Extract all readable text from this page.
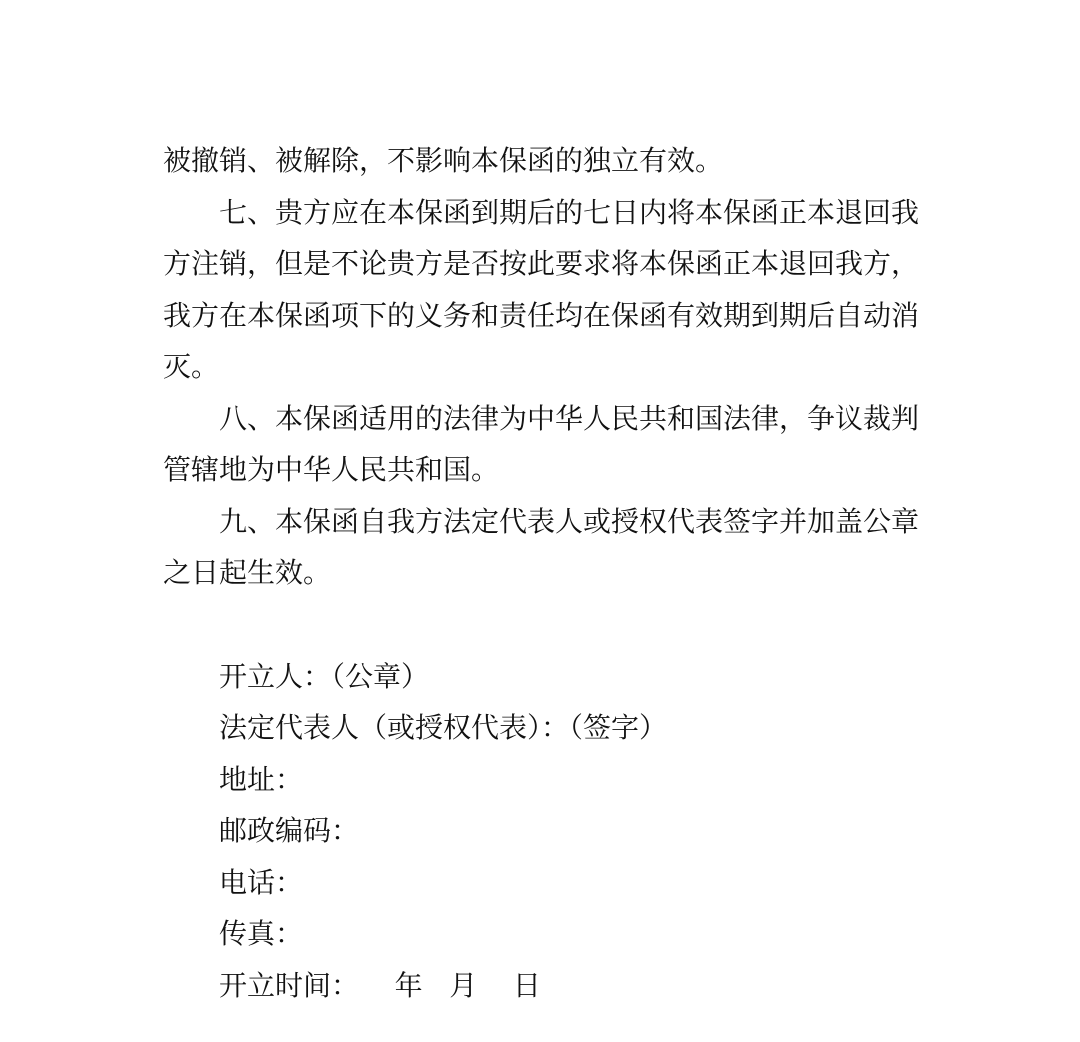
被撤销、被解除，不影响本保函的独立有效。

七、贵方应在本保函到期后的七日内将本保函正本退回我方注销，但是不论贵方是否按此要求将本保函正本退回我方，我方在本保函项下的义务和责任均在保函有效期到期后自动消灭。

八、本保函适用的法律为中华人民共和国法律，争议裁判管辖地为中华人民共和国。

九、本保函自我方法定代表人或授权代表签字并加盖公章之日起生效。

开立人：（公章）
法定代表人（或授权代表）：（签字）
地址：
邮政编码：
电话：
传真：
开立时间：    年   月    日
